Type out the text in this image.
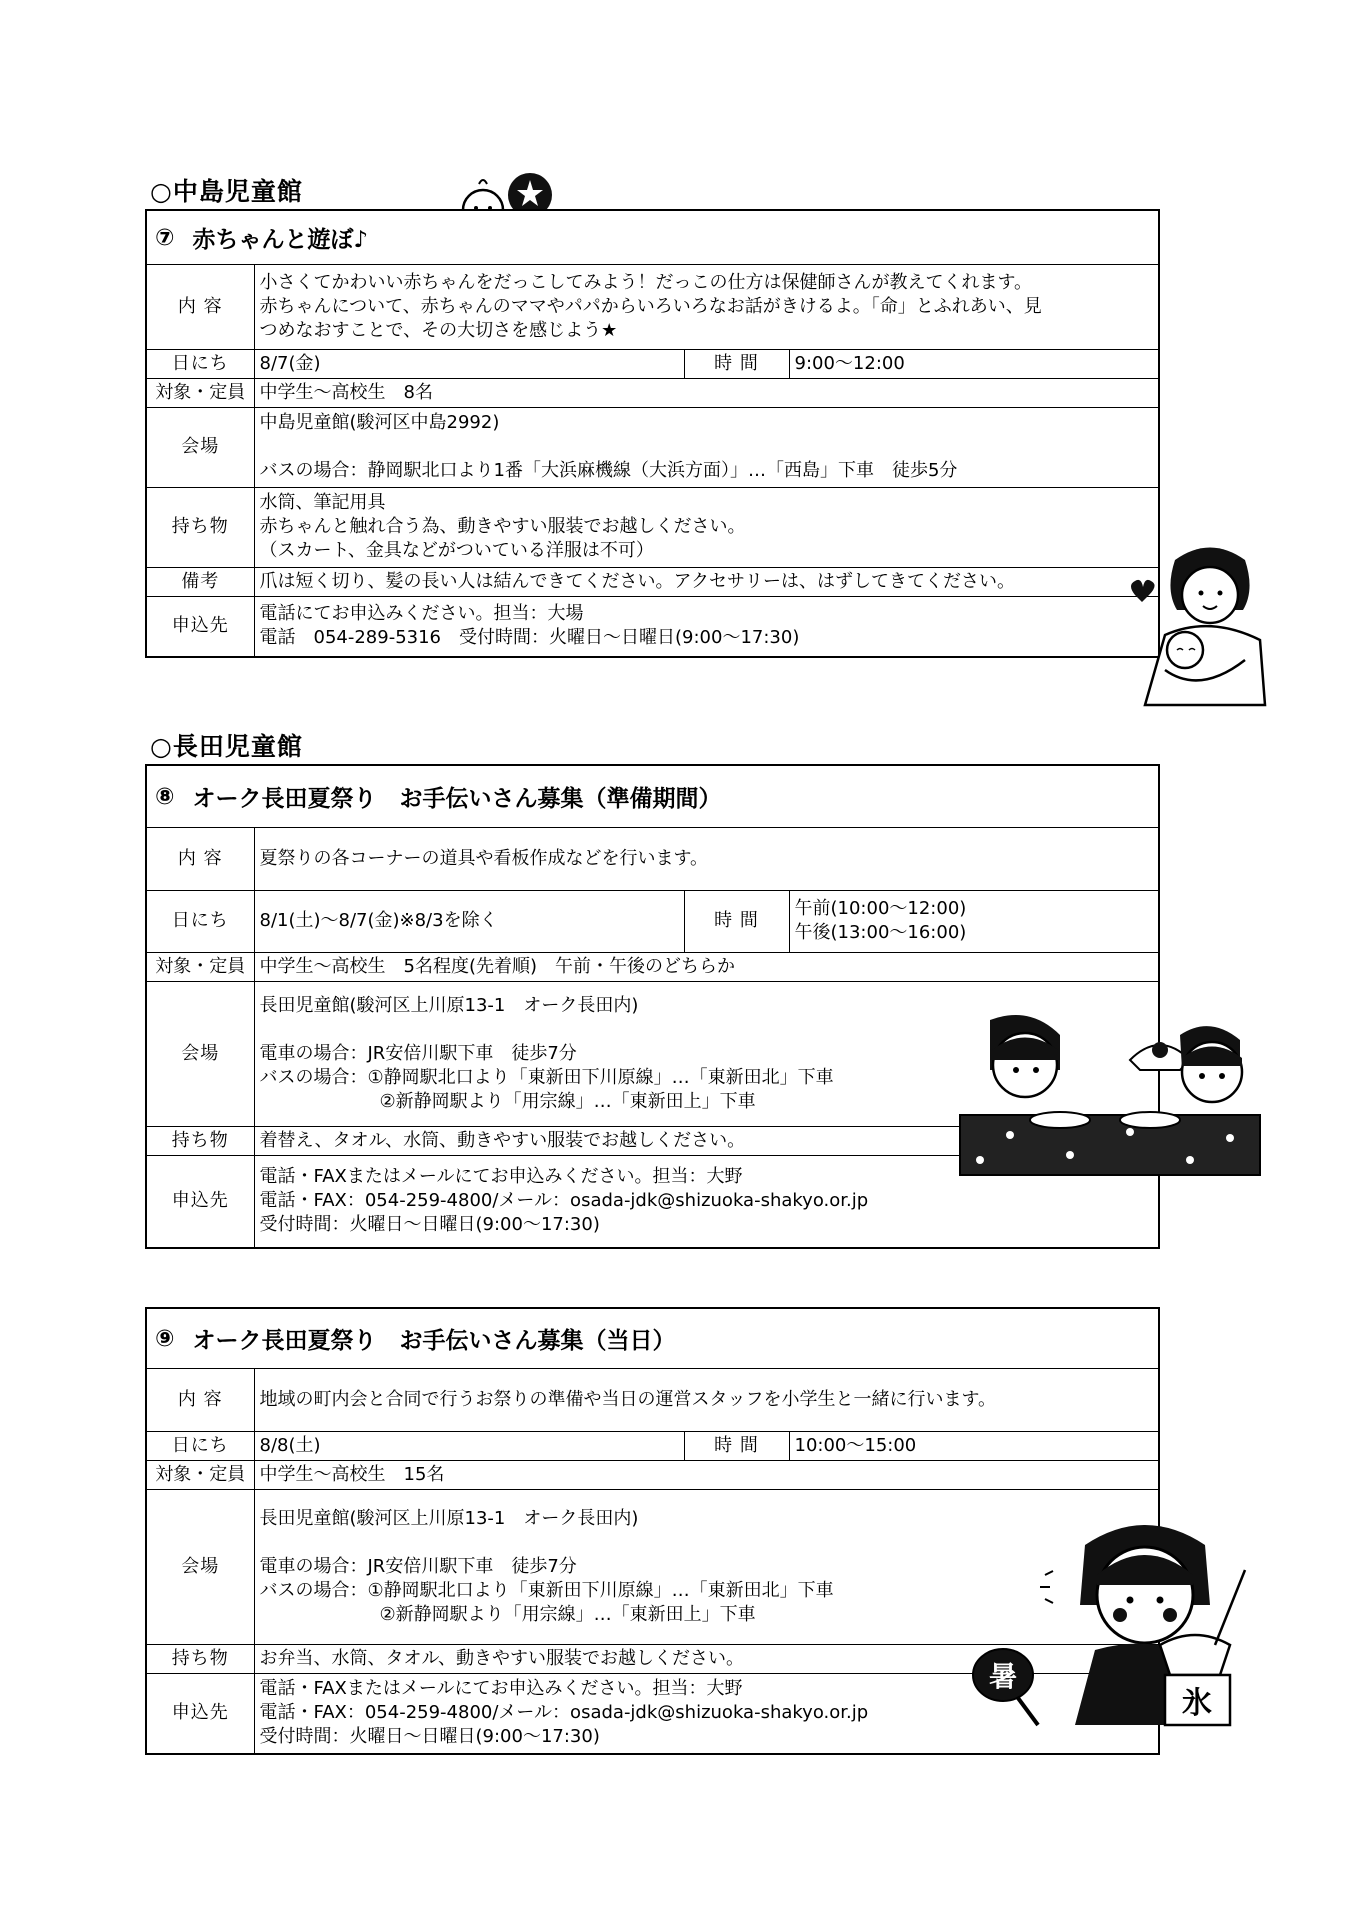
○中島児童館
⑦ 赤ちゃんと遊ぼ♪
内 容	小さくてかわいい赤ちゃんをだっこしてみよう！だっこの仕方は保健師さんが教えてくれます。
赤ちゃんについて、赤ちゃんのママやパパからいろいろなお話がきけるよ。「命」とふれあい、見
つめなおすことで、その大切さを感じよう★		

日にち	8/7(金)	時 間	9:00～12:00
対象・定員	中学生～高校生　8名		
会場	中島児童館(駿河区中島2992)
バスの場合：静岡駅北口より1番「大浜麻機線（大浜方面）」…「西島」下車　徒歩5分		

持ち物	水筒、筆記用具
赤ちゃんと触れ合う為、動きやすい服装でお越しください。
（スカート、金具などがついている洋服は不可）		

備考	爪は短く切り、髪の長い人は結んできてください。アクセサリーは、はずしてきてください。		
申込先	電話にてお申込みください。担当：大場
電話　054-289-5316　受付時間：火曜日～日曜日(9:00～17:30)		
○長田児童館
⑧ オーク長田夏祭り　お手伝いさん募集（準備期間）
内 容	夏祭りの各コーナーの道具や看板作成などを行います。		
日にち	8/1(土)～8/7(金)※8/3を除く	時 間	午前(10:00～12:00)
午後(13:00～16:00)

対象・定員	中学生～高校生　5名程度(先着順)　午前・午後のどちらか		
会場	長田児童館(駿河区上川原13-1　オーク長田内)
電車の場合：JR安倍川駅下車　徒歩7分
バスの場合：①静岡駅北口より「東新田下川原線」…「東新田北」下車
②新静岡駅より「用宗線」…「東新田上」下車		

持ち物	着替え、タオル、水筒、動きやすい服装でお越しください。		
申込先	電話・FAXまたはメールにてお申込みください。担当：大野
電話・FAX：054-259-4800/メール：osada-jdk@shizuoka-shakyo.or.jp
受付時間：火曜日～日曜日(9:00～17:30)		
⑨ オーク長田夏祭り　お手伝いさん募集（当日）
内 容	地域の町内会と合同で行うお祭りの準備や当日の運営スタッフを小学生と一緒に行います。		
日にち	8/8(土)	時 間	10:00～15:00
対象・定員	中学生～高校生　15名		
会場	長田児童館(駿河区上川原13-1　オーク長田内)
電車の場合：JR安倍川駅下車　徒歩7分
バスの場合：①静岡駅北口より「東新田下川原線」…「東新田北」下車
②新静岡駅より「用宗線」…「東新田上」下車		

持ち物	お弁当、水筒、タオル、動きやすい服装でお越しください。		
申込先	電話・FAXまたはメールにてお申込みください。担当：大野
電話・FAX：054-259-4800/メール：osada-jdk@shizuoka-shakyo.or.jp
受付時間：火曜日～日曜日(9:00～17:30)		
暑
氷
